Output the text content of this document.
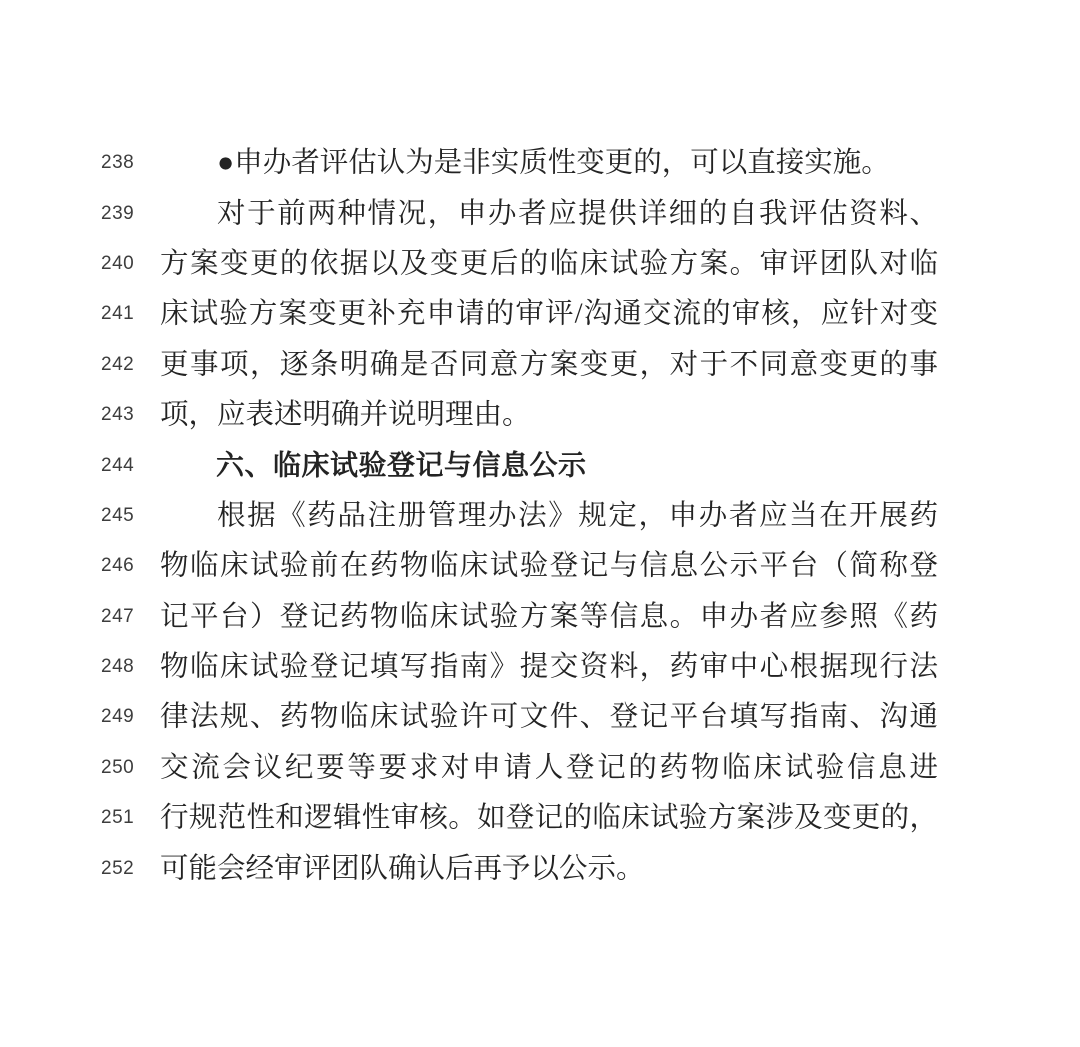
238	●申办者评估认为是非实质性变更的，可以直接实施。
239	对于前两种情况，申办者应提供详细的自我评估资料、
240 方案变更的依据以及变更后的临床试验方案。审评团队对临
241 床试验方案变更补充申请的审评/沟通交流的审核，应针对变
242 更事项，逐条明确是否同意方案变更，对于不同意变更的事
243 项，应表述明确并说明理由。
244	六、临床试验登记与信息公示
245	根据《药品注册管理办法》规定，申办者应当在开展药
246 物临床试验前在药物临床试验登记与信息公示平台（简称登
247 记平台）登记药物临床试验方案等信息。申办者应参照《药
248 物临床试验登记填写指南》提交资料，药审中心根据现行法
249 律法规、药物临床试验许可文件、登记平台填写指南、沟通
250 交流会议纪要等要求对申请人登记的药物临床试验信息进
251 行规范性和逻辑性审核。如登记的临床试验方案涉及变更的，
252 可能会经审评团队确认后再予以公示。
